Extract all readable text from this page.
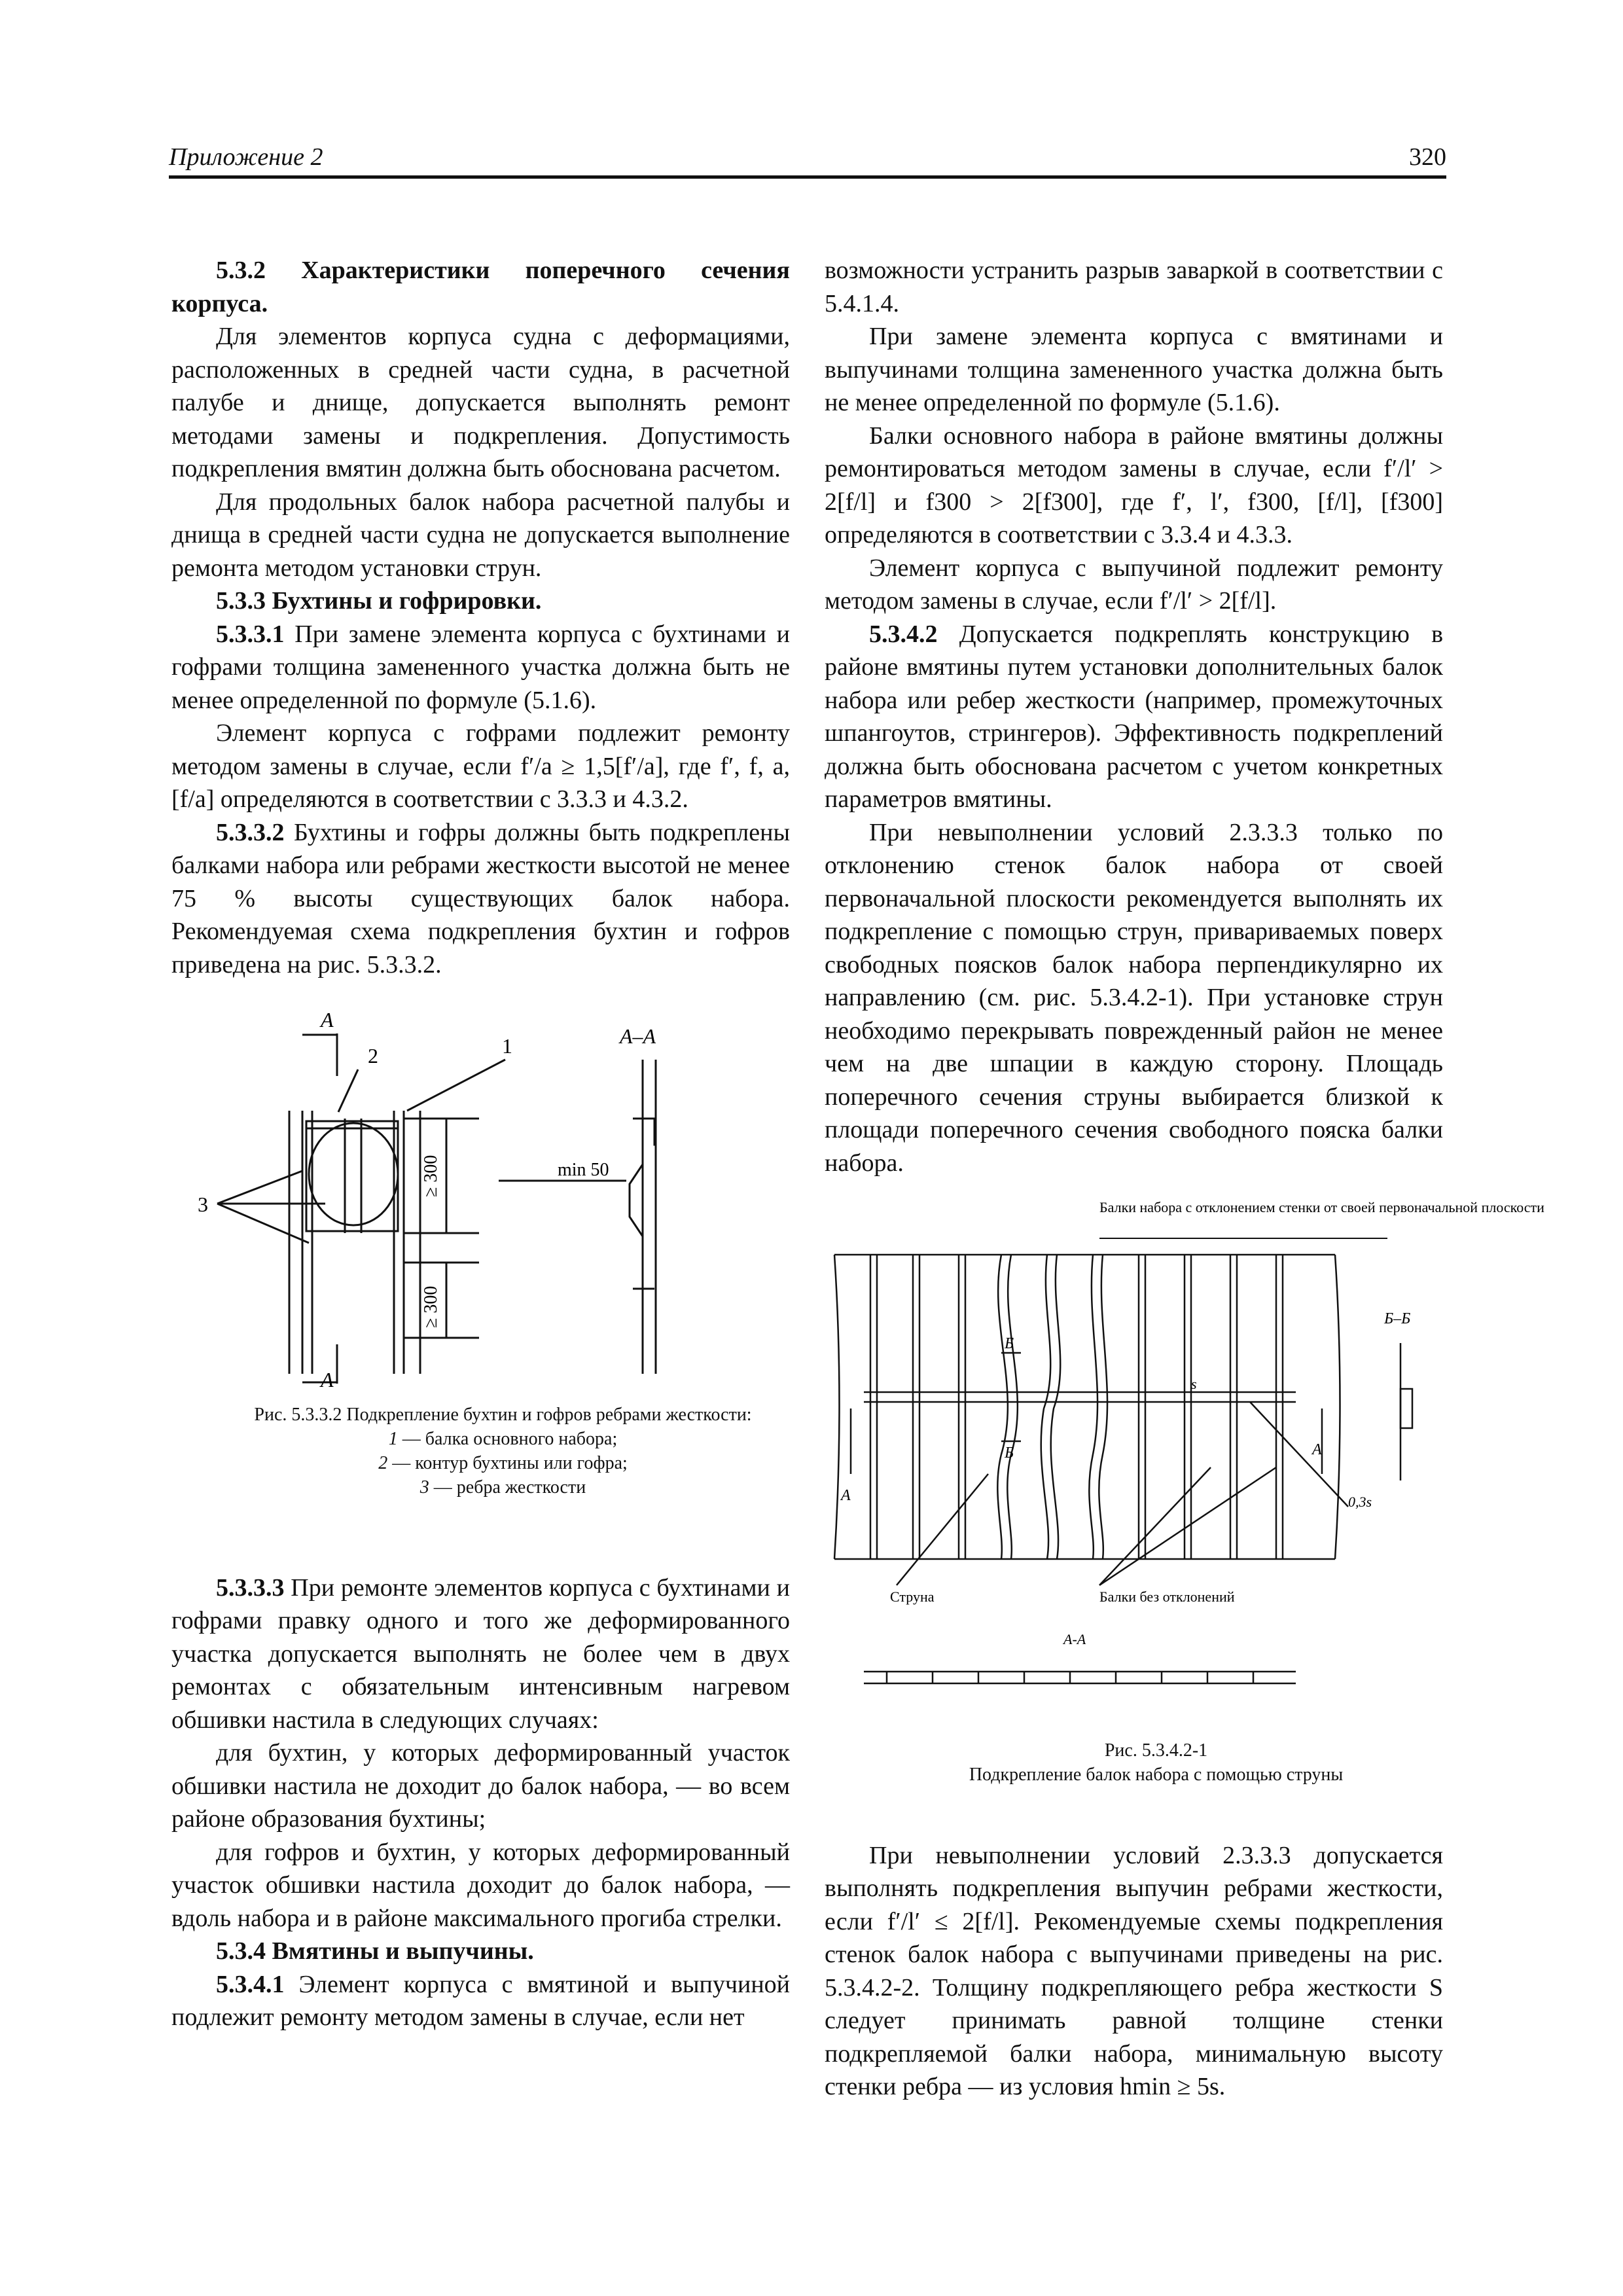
Приложение 2	320

5.3.2 Характеристики поперечного сечения корпуса.

Для элементов корпуса судна с деформациями, расположенных в средней части судна, в расчетной палубе и днище, допускается выполнять ремонт методами замены и подкрепления. Допустимость подкрепления вмятин должна быть обоснована расчетом.

Для продольных балок набора расчетной палубы и днища в средней части судна не допускается выполнение ремонта методом установки струн.

5.3.3 Бухтины и гофрировки.

5.3.3.1 При замене элемента корпуса с бухтинами и гофрами толщина замененного участка должна быть не менее определенной по формуле (5.1.6).

Элемент корпуса с гофрами подлежит ремонту методом замены в случае, если f′/a ≥ 1,5[f′/a], где f′, f, a, [f/a] определяются в соответствии с 3.3.3 и 4.3.2.

5.3.3.2 Бухтины и гофры должны быть подкреплены балками набора или ребрами жесткости высотой не менее 75 % высоты существующих балок набора. Рекомендуемая схема подкрепления бухтин и гофров приведена на рис. 5.3.3.2.

A
A
A–A
1
2
3
≥ 300
≥ 300
min 50

Рис. 5.3.3.2 Подкрепление бухтин и гофров ребрами жесткости:

1 — балка основного набора;

2 — контур бухтины или гофра;

3 — ребра жесткости

5.3.3.3 При ремонте элементов корпуса с бухтинами и гофрами правку одного и того же деформированного участка допускается выполнять не более чем в двух ремонтах с обязательным интенсивным нагревом обшивки настила в следующих случаях:

для бухтин, у которых деформированный участок обшивки настила не доходит до балок набора, — во всем районе образования бухтины;

для гофров и бухтин, у которых деформированный участок обшивки настила доходит до балок набора, — вдоль набора и в районе максимального прогиба стрелки.

5.3.4 Вмятины и выпучины.

5.3.4.1 Элемент корпуса с вмятиной и выпучиной подлежит ремонту методом замены в случае, если нет

возможности устранить разрыв заваркой в соответствии с 5.4.1.4.

При замене элемента корпуса с вмятинами и выпучинами толщина замененного участка должна быть не менее определенной по формуле (5.1.6).

Балки основного набора в районе вмятины должны ремонтироваться методом замены в случае, если f′/l′ > 2[f/l] и f300 > 2[f300], где f′, l′, f300, [f/l], [f300] определяются в соответствии с 3.3.4 и 4.3.3.

Элемент корпуса с выпучиной подлежит ремонту методом замены в случае, если f′/l′ > 2[f/l].

5.3.4.2 Допускается подкреплять конструкцию в районе вмятины путем установки дополнительных балок набора или ребер жесткости (например, промежуточных шпангоутов, стрингеров). Эффективность подкреплений должна быть обоснована расчетом с учетом конкретных параметров вмятины.

При невыполнении условий 2.3.3.3 только по отклонению стенок балок набора от своей первоначальной плоскости рекомендуется выполнять их подкрепление с помощью струн, привариваемых поверх свободных поясков балок набора перпендикулярно их направлению (см. рис. 5.3.4.2-1). При установке струн необходимо перекрывать поврежденный район не менее чем на две шпации в каждую сторону. Площадь поперечного сечения струны выбирается близкой к площади поперечного сечения свободного пояска балки набора.

Балки набора с отклонением стенки от своей первоначальной плоскости
Б–Б
Б
Б
А
А
s
0,3s
Струна	Балки без отклонений
А-А

Рис. 5.3.4.2-1

Подкрепление балок набора с помощью струны

При невыполнении условий 2.3.3.3 допускается выполнять подкрепления выпучин ребрами жесткости, если f′/l′ ≤ 2[f/l]. Рекомендуемые схемы подкрепления стенок балок набора с выпучинами приведены на рис. 5.3.4.2-2. Толщину подкрепляющего ребра жесткости S следует принимать равной толщине стенки подкрепляемой балки набора, минимальную высоту стенки ребра — из условия hmin ≥ 5s.
